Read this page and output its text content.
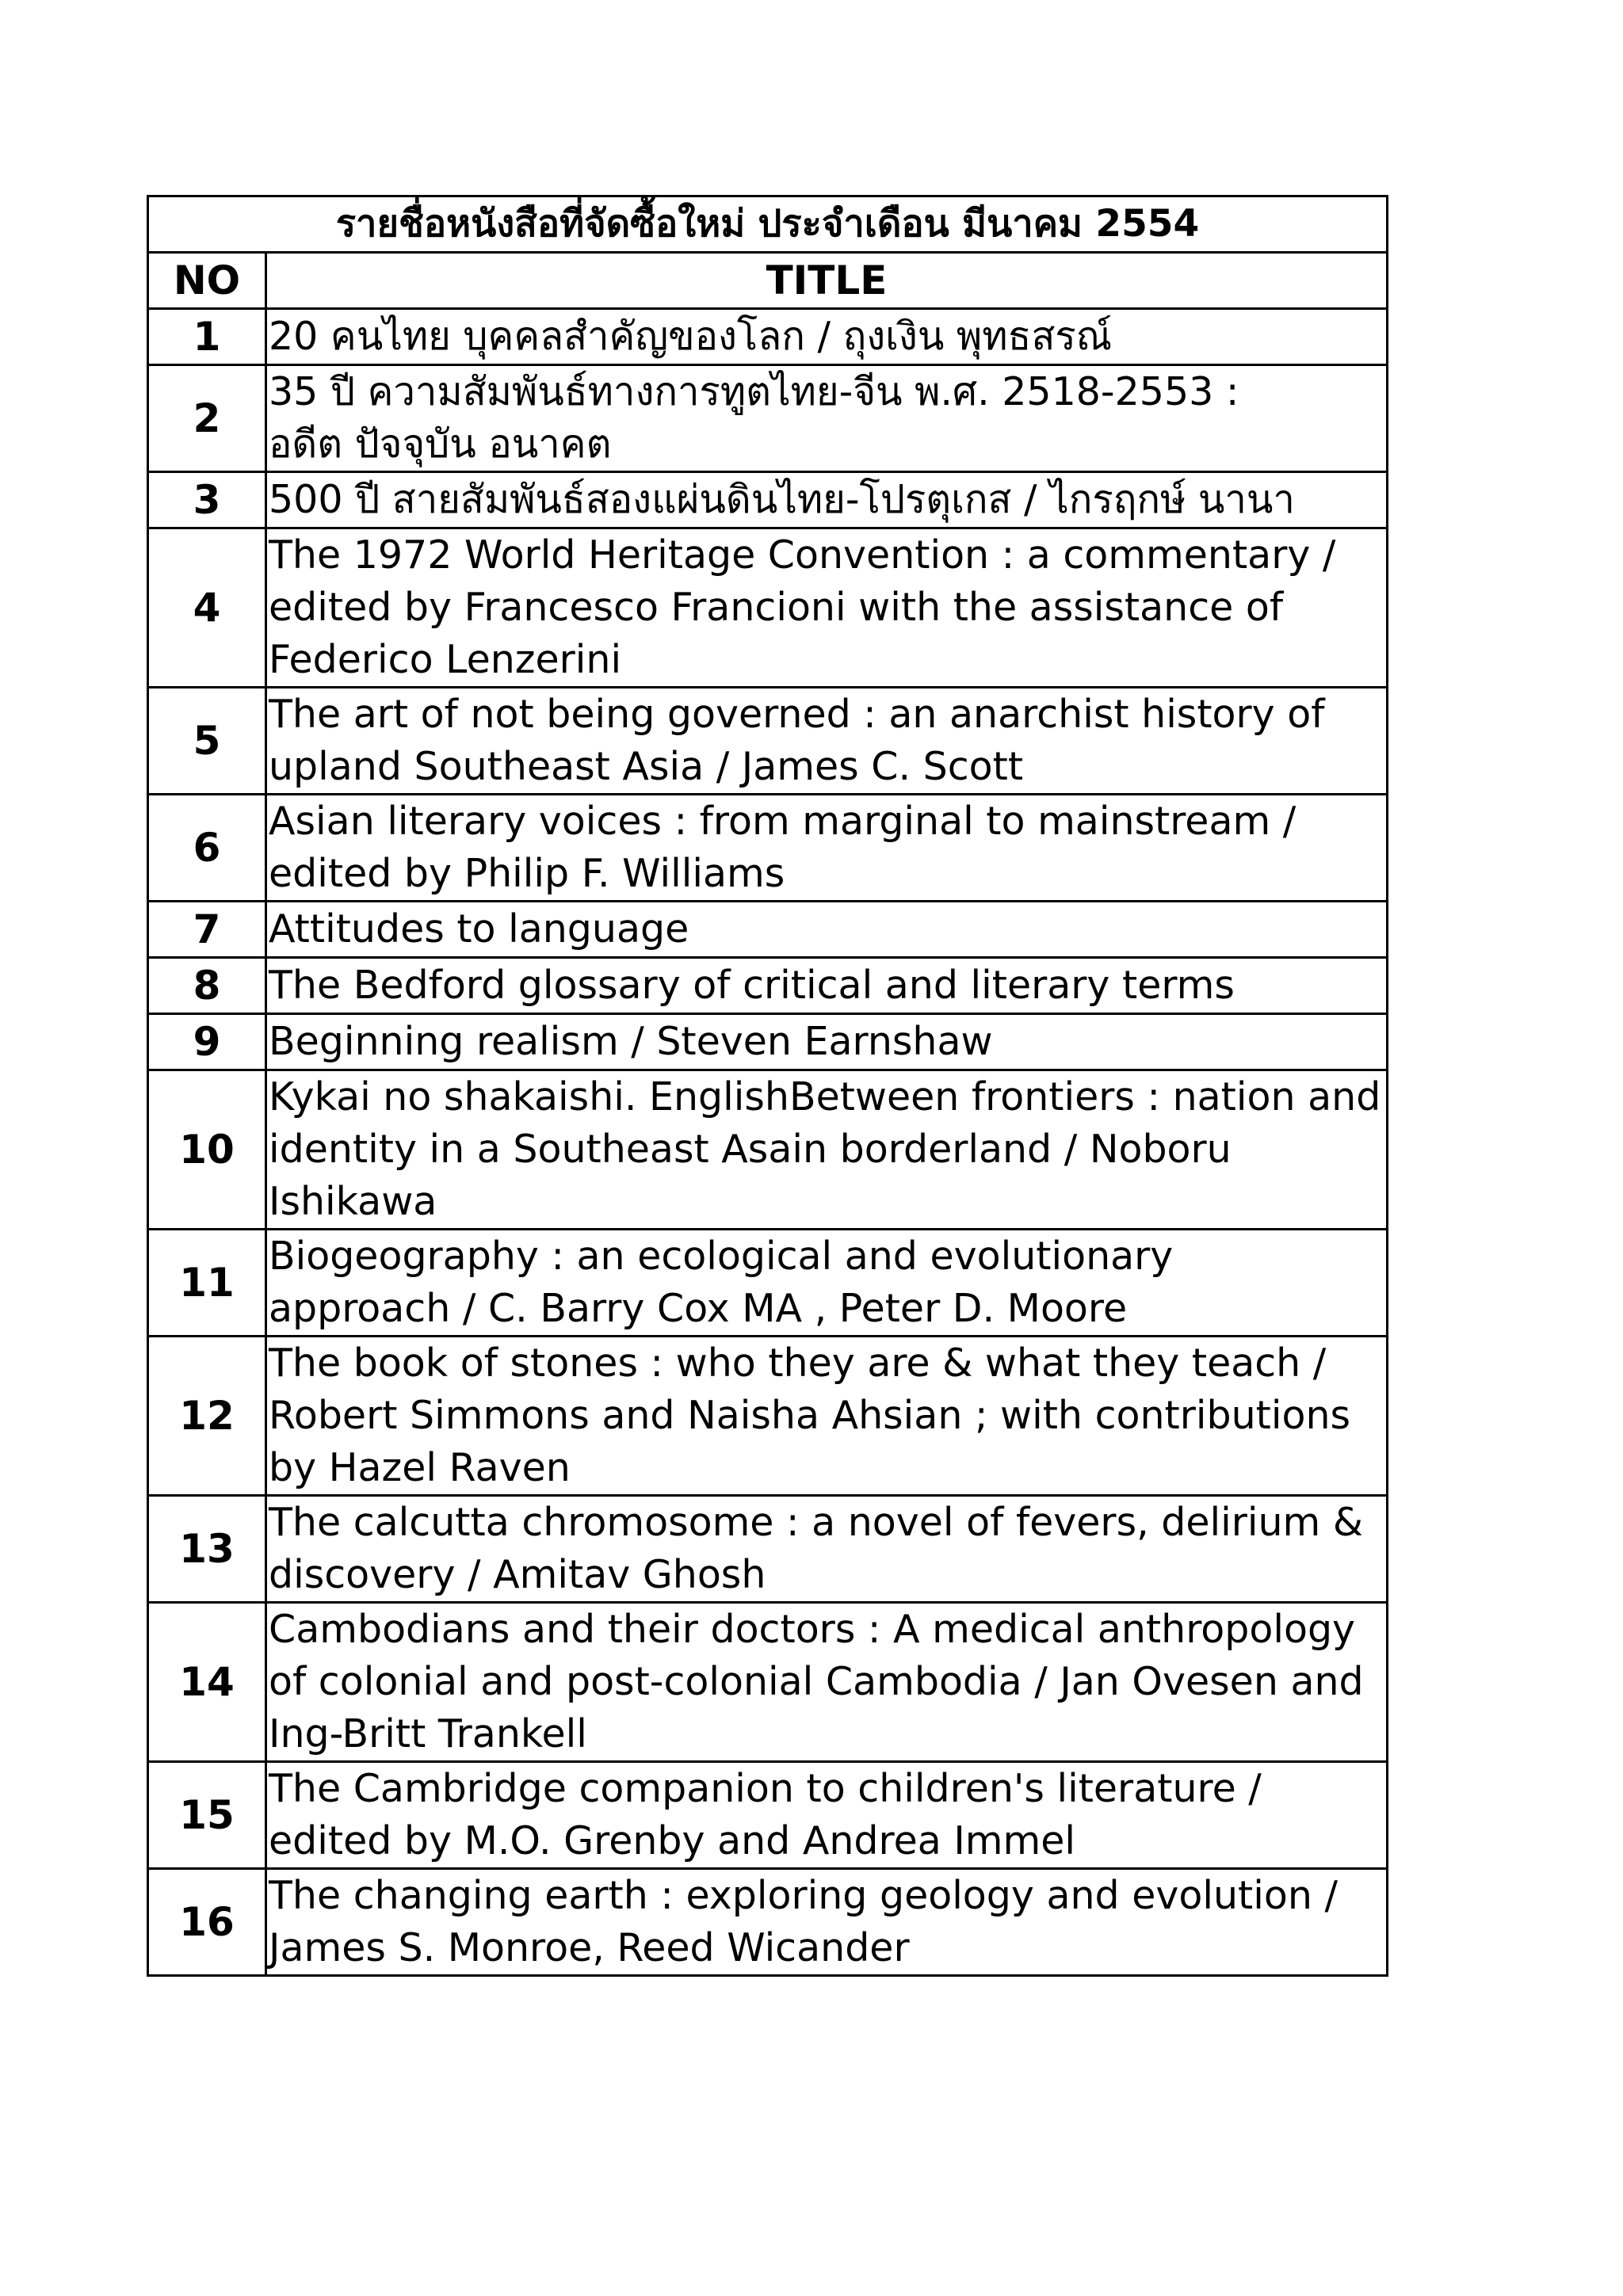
รายชื่อหนังสือที่จัดซื้อใหม่ ประจำเดือน มีนาคม 2554	
NO	TITLE
1	20 คนไทย บุคคลสำคัญของโลก / ถุงเงิน พุทธสรณ์

2	35 ปี ความสัมพันธ์ทางการทูตไทย-จีน พ.ศ. 2518-2553 :
อดีต ปัจจุบัน อนาคต

3	500 ปี สายสัมพันธ์สองแผ่นดินไทย-โปรตุเกส / ไกรฤกษ์ นานา

4	The 1972 World Heritage Convention : a commentary /
edited by Francesco Francioni with the assistance of
Federico Lenzerini

5	The art of not being governed : an anarchist history of
upland Southeast Asia / James C. Scott

6	Asian literary voices : from marginal to mainstream /
edited by Philip F. Williams

7	Attitudes to language

8	The Bedford glossary of critical and literary terms

9	Beginning realism / Steven Earnshaw

10	Kykai no shakaishi. EnglishBetween frontiers : nation and
identity in a Southeast Asain borderland / Noboru
Ishikawa

11	Biogeography : an ecological and evolutionary
approach / C. Barry Cox MA , Peter D. Moore

12	The book of stones : who they are & what they teach /
Robert Simmons and Naisha Ahsian ; with contributions
by Hazel Raven

13	The calcutta chromosome : a novel of fevers, delirium &
discovery / Amitav Ghosh

14	Cambodians and their doctors : A medical anthropology
of colonial and post-colonial Cambodia / Jan Ovesen and
Ing-Britt Trankell

15	The Cambridge companion to children's literature /
edited by M.O. Grenby and Andrea Immel

16	The changing earth : exploring geology and evolution /
James S. Monroe, Reed Wicander
